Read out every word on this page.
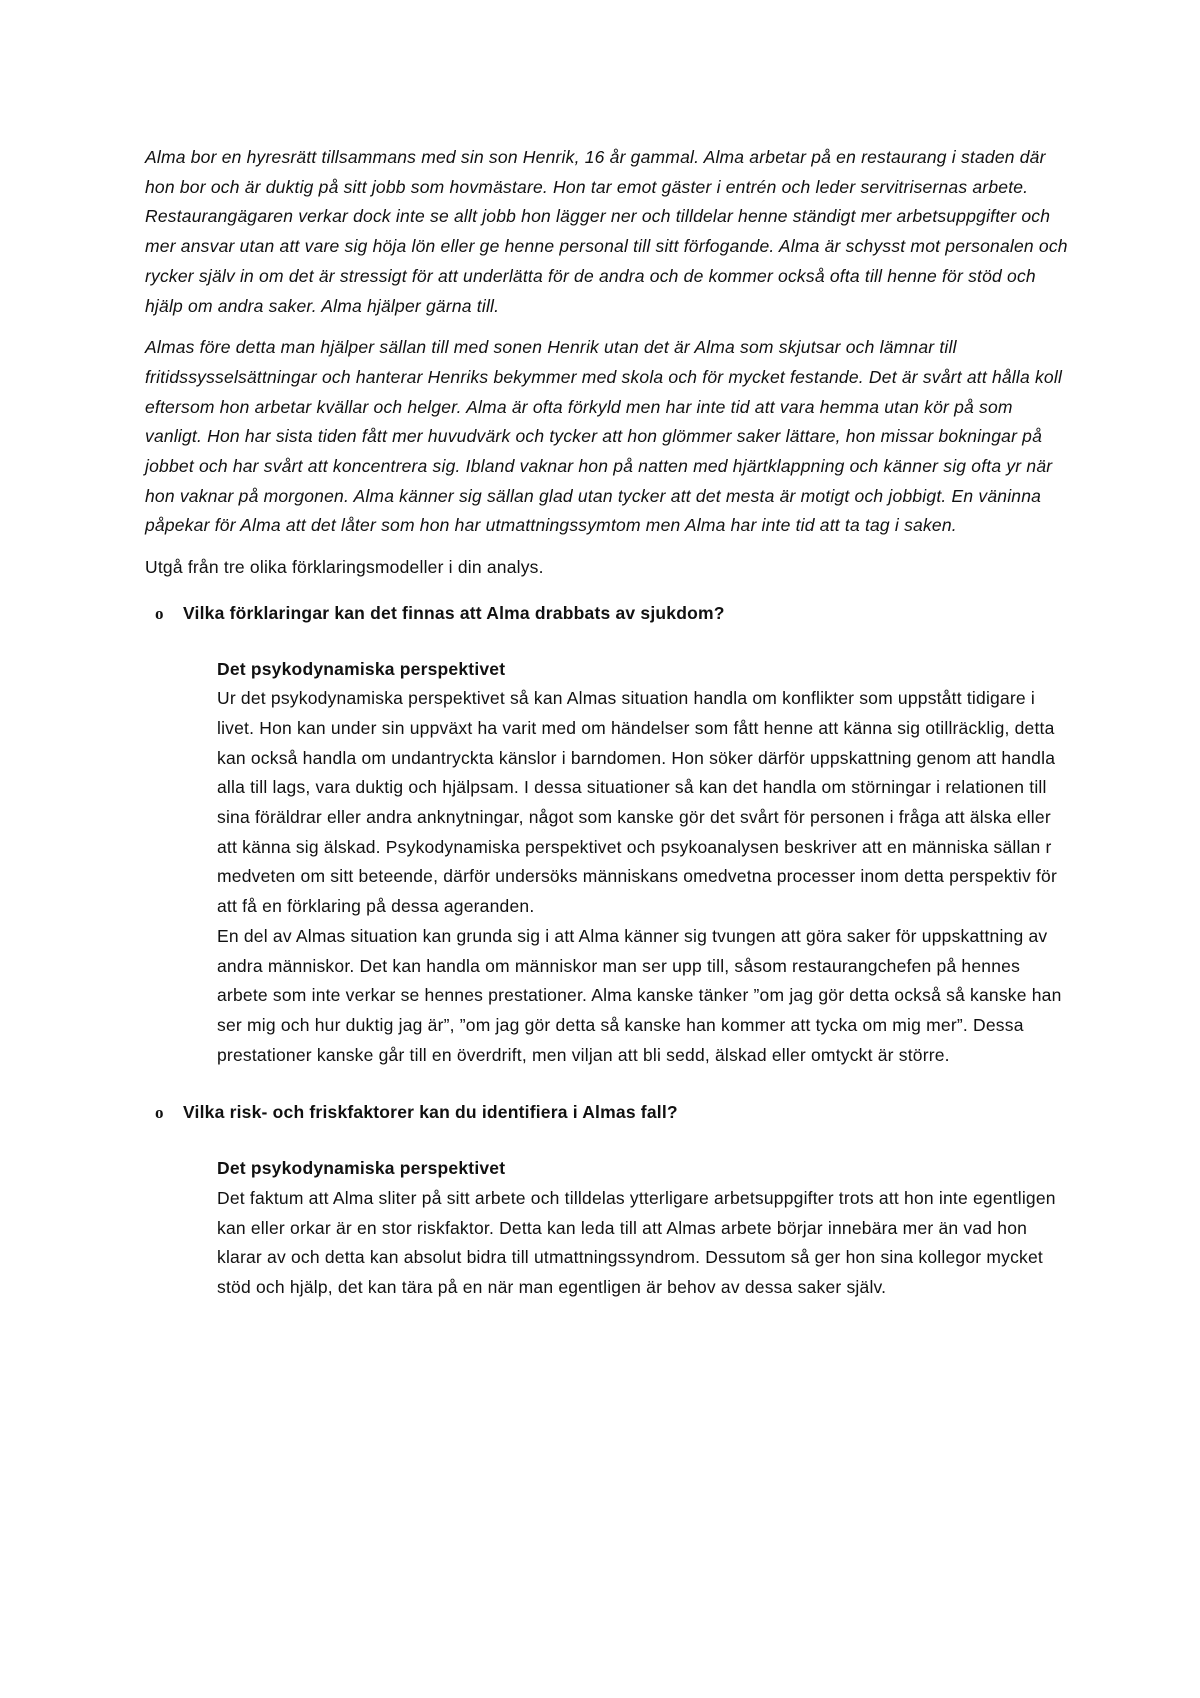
Alma bor en hyresrätt tillsammans med sin son Henrik, 16 år gammal. Alma arbetar på en restaurang i staden där hon bor och är duktig på sitt jobb som hovmästare. Hon tar emot gäster i entrén och leder servitrisernas arbete. Restaurangägaren verkar dock inte se allt jobb hon lägger ner och tilldelar henne ständigt mer arbetsuppgifter och mer ansvar utan att vare sig höja lön eller ge henne personal till sitt förfogande. Alma är schysst mot personalen och rycker själv in om det är stressigt för att underlätta för de andra och de kommer också ofta till henne för stöd och hjälp om andra saker. Alma hjälper gärna till.

Almas före detta man hjälper sällan till med sonen Henrik utan det är Alma som skjutsar och lämnar till fritidssysselsättningar och hanterar Henriks bekymmer med skola och för mycket festande. Det är svårt att hålla koll eftersom hon arbetar kvällar och helger. Alma är ofta förkyld men har inte tid att vara hemma utan kör på som vanligt. Hon har sista tiden fått mer huvudvärk och tycker att hon glömmer saker lättare, hon missar bokningar på jobbet och har svårt att koncentrera sig. Ibland vaknar hon på natten med hjärtklappning och känner sig ofta yr när hon vaknar på morgonen. Alma känner sig sällan glad utan tycker att det mesta är motigt och jobbigt. En väninna påpekar för Alma att det låter som hon har utmattningssymtom men Alma har inte tid att ta tag i saken.

Utgå från tre olika förklaringsmodeller i din analys.

o	Vilka förklaringar kan det finnas att Alma drabbats av sjukdom?
Det psykodynamiska perspektivet

Ur det psykodynamiska perspektivet så kan Almas situation handla om konflikter som uppstått tidigare i livet. Hon kan under sin uppväxt ha varit med om händelser som fått henne att känna sig otillräcklig, detta kan också handla om undantryckta känslor i barndomen. Hon söker därför uppskattning genom att handla alla till lags, vara duktig och hjälpsam. I dessa situationer så kan det handla om störningar i relationen till sina föräldrar eller andra anknytningar, något som kanske gör det svårt för personen i fråga att älska eller att känna sig älskad. Psykodynamiska perspektivet och psykoanalysen beskriver att en människa sällan r medveten om sitt beteende, därför undersöks människans omedvetna processer inom detta perspektiv för att få en förklaring på dessa ageranden.

En del av Almas situation kan grunda sig i att Alma känner sig tvungen att göra saker för uppskattning av andra människor. Det kan handla om människor man ser upp till, såsom restaurangchefen på hennes arbete som inte verkar se hennes prestationer. Alma kanske tänker ”om jag gör detta också så kanske han ser mig och hur duktig jag är”, ”om jag gör detta så kanske han kommer att tycka om mig mer”. Dessa prestationer kanske går till en överdrift, men viljan att bli sedd, älskad eller omtyckt är större.

o	Vilka risk- och friskfaktorer kan du identifiera i Almas fall?
Det psykodynamiska perspektivet

Det faktum att Alma sliter på sitt arbete och tilldelas ytterligare arbetsuppgifter trots att hon inte egentligen kan eller orkar är en stor riskfaktor. Detta kan leda till att Almas arbete börjar innebära mer än vad hon klarar av och detta kan absolut bidra till utmattningssyndrom. Dessutom så ger hon sina kollegor mycket stöd och hjälp, det kan tära på en när man egentligen är behov av dessa saker själv.
